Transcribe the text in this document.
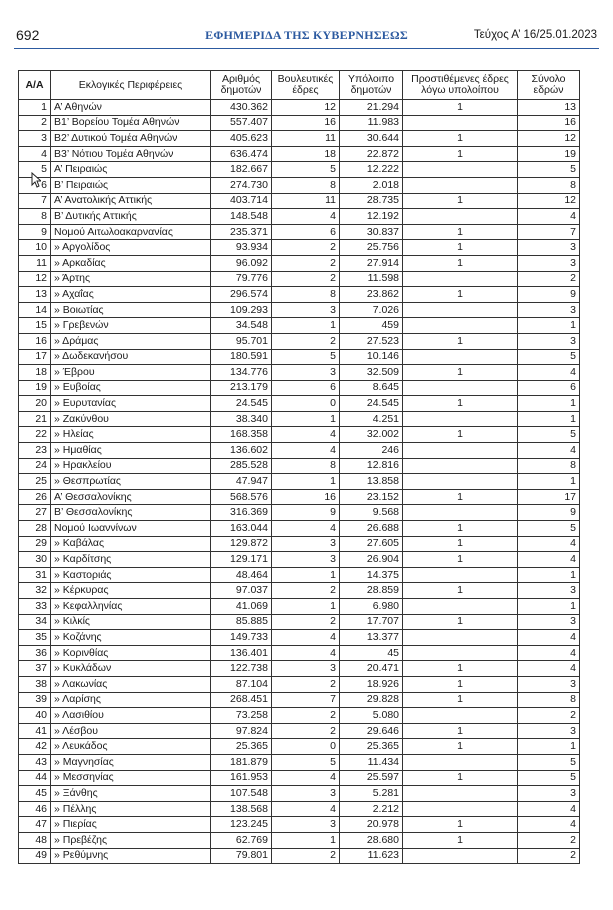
692	ΕΦΗΜΕΡΙΔΑ ΤΗΣ ΚΥΒΕΡΝΗΣΕΩΣ	Τεύχος Α’ 16/25.01.2023
Α/Α	Εκλογικές Περιφέρειες	Αριθμός δημοτών	Βουλευτικές έδρες	Υπόλοιπο δημοτών	Προστιθέμενες έδρες λόγω υπολοίπου	Σύνολο εδρών
1	Α’ Αθηνών	430.362	12	21.294	1	13
2	Β1’ Βορείου Τομέα Αθηνών	557.407	16	11.983		16
3	Β2’ Δυτικού Τομέα Αθηνών	405.623	11	30.644	1	12
4	Β3’ Νότιου Τομέα Αθηνών	636.474	18	22.872	1	19
5	Α’ Πειραιώς	182.667	5	12.222		5
6	Β’ Πειραιώς	274.730	8	2.018		8
7	Α’ Ανατολικής Αττικής	403.714	11	28.735	1	12
8	Β’ Δυτικής Αττικής	148.548	4	12.192		4
9	Νομού Αιτωλοακαρνανίας	235.371	6	30.837	1	7
10	» Αργολίδος	93.934	2	25.756	1	3
11	» Αρκαδίας	96.092	2	27.914	1	3
12	» Άρτης	79.776	2	11.598		2
13	» Αχαΐας	296.574	8	23.862	1	9
14	» Βοιωτίας	109.293	3	7.026		3
15	» Γρεβενών	34.548	1	459		1
16	» Δράμας	95.701	2	27.523	1	3
17	» Δωδεκανήσου	180.591	5	10.146		5
18	» Έβρου	134.776	3	32.509	1	4
19	» Ευβοίας	213.179	6	8.645		6
20	» Ευρυτανίας	24.545	0	24.545	1	1
21	» Ζακύνθου	38.340	1	4.251		1
22	» Ηλείας	168.358	4	32.002	1	5
23	» Ημαθίας	136.602	4	246		4
24	» Ηρακλείου	285.528	8	12.816		8
25	» Θεσπρωτίας	47.947	1	13.858		1
26	Α’ Θεσσαλονίκης	568.576	16	23.152	1	17
27	Β’ Θεσσαλονίκης	316.369	9	9.568		9
28	Νομού Ιωαννίνων	163.044	4	26.688	1	5
29	» Καβάλας	129.872	3	27.605	1	4
30	» Καρδίτσης	129.171	3	26.904	1	4
31	» Καστοριάς	48.464	1	14.375		1
32	» Κέρκυρας	97.037	2	28.859	1	3
33	» Κεφαλληνίας	41.069	1	6.980		1
34	» Κιλκίς	85.885	2	17.707	1	3
35	» Κοζάνης	149.733	4	13.377		4
36	» Κορινθίας	136.401	4	45		4
37	» Κυκλάδων	122.738	3	20.471	1	4
38	» Λακωνίας	87.104	2	18.926	1	3
39	» Λαρίσης	268.451	7	29.828	1	8
40	» Λασιθίου	73.258	2	5.080		2
41	» Λέσβου	97.824	2	29.646	1	3
42	» Λευκάδος	25.365	0	25.365	1	1
43	» Μαγνησίας	181.879	5	11.434		5
44	» Μεσσηνίας	161.953	4	25.597	1	5
45	» Ξάνθης	107.548	3	5.281		3
46	» Πέλλης	138.568	4	2.212		4
47	» Πιερίας	123.245	3	20.978	1	4
48	» Πρεβέζης	62.769	1	28.680	1	2
49	» Ρεθύμνης	79.801	2	11.623		2
